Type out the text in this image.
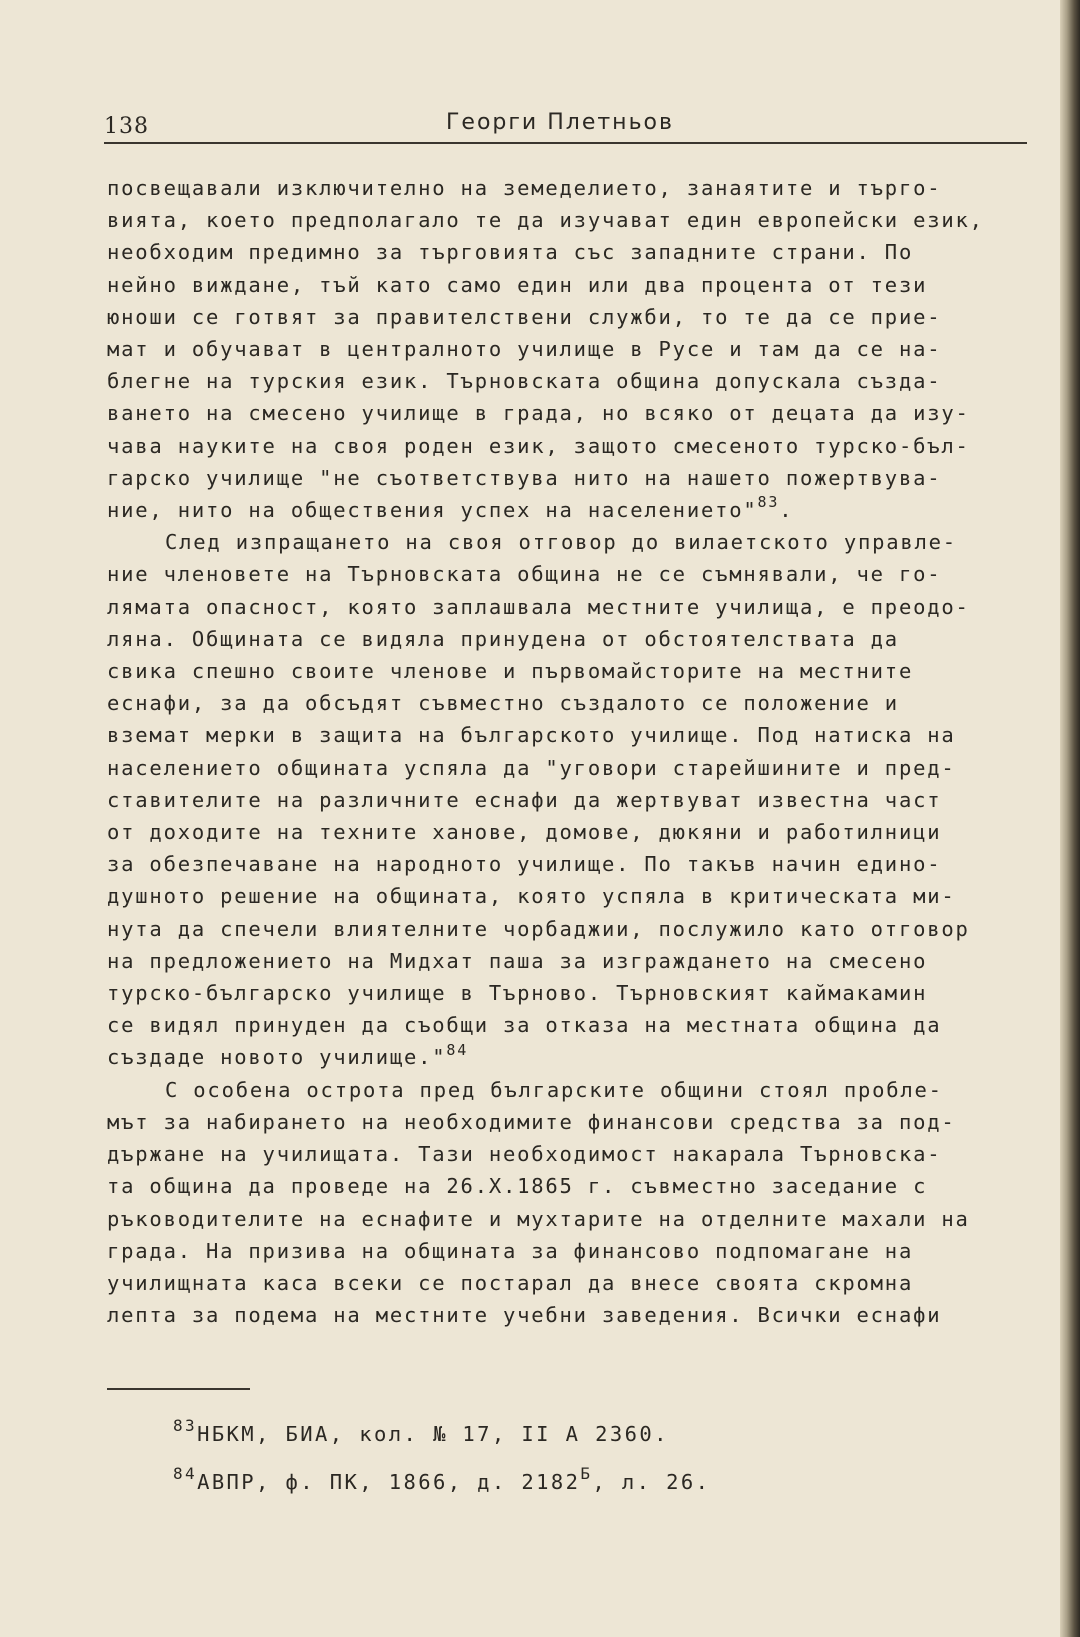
138	Георги Плетньов
посвещавали изключително на земеделието, занаятите и търго-
вията, което предполагало те да изучават един европейски език,
необходим предимно за търговията със западните страни. По
нейно виждане, тъй като само един или два процента от тези
юноши се готвят за правителствени служби, то те да се прие-
мат и обучават в централното училище в Русе и там да се на-
блегне на турския език. Търновската община допускала създа-
ването на смесено училище в града, но всяко от децата да изу-
чава науките на своя роден език, защото смесеното турско-бъл-
гарско училище "не съответствува нито на нашето пожертвува-
ние, нито на обществения успех на населението"$^{83}$.
След изпращането на своя отговор до вилаетското управле-
ние членовете на Търновската община не се съмнявали, че го-
лямата опасност, която заплашвала местните училища, е преодо-
ляна. Общината се видяла принудена от обстоятелствата да
свика спешно своите членове и първомайсторите на местните
еснафи, за да обсъдят съвместно създалото се положение и
вземат мерки в защита на българското училище. Под натиска на
населението общината успяла да "уговори старейшините и пред-
ставителите на различните еснафи да жертвуват известна част
от доходите на техните ханове, домове, дюкяни и работилници
за обезпечаване на народното училище. По такъв начин едино-
душното решение на общината, която успяла в критическата ми-
нута да спечели влиятелните чорбаджии, послужило като отговор
на предложението на Мидхат паша за изграждането на смесено
турско-българско училище в Търново. Търновският каймакамин
се видял принуден да съобщи за отказа на местната община да
създаде новото училище."$^{84}$
С особена острота пред българските общини стоял пробле-
мът за набирането на необходимите финансови средства за под-
държане на училищата. Тази необходимост накарала Търновска-
та община да проведе на 26.X.1865 г. съвместно заседание с
ръководителите на еснафите и мухтарите на отделните махали на
града. На призива на общината за финансово подпомагане на
училищната каса всеки се постарал да внесе своята скромна
лепта за подема на местните учебни заведения. Всички еснафи
$^{83}$НБКМ, БИА, кол. № 17, II А 2360.
$^{84}$АВПР, ф. ПК, 1866, д. $2182^Б$, л. 26.
